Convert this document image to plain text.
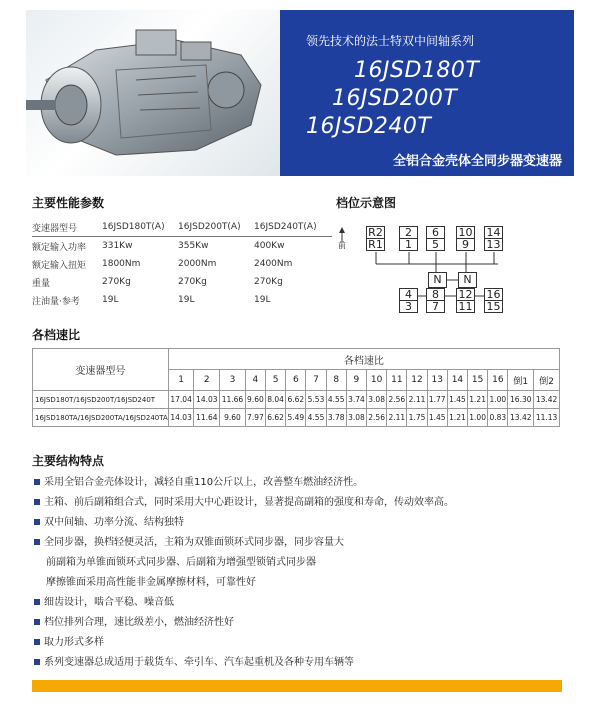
领先技术的法士特双中间轴系列
16JSD180T
16JSD200T
16JSD240T
全铝合金壳体全同步器变速器
主要性能参数
变速器型号	16JSD180T(A)	16JSD200T(A)	16JSD240T(A)
额定输入功率	331Kw	355Kw	400Kw
额定输入扭矩	1800Nm	2000Nm	2400Nm
重量	270Kg	270Kg	270Kg
注油量·参考	19L	19L	19L
档位示意图
前
R2
R1
2
1
6
5
10
9
14
13
N	N
4
3
8
7
12
11
16
15
各档速比
变速器型号	各档速比																	
	1	2	3	4	5	6	7	8	9	10	11	12	13	14	15	16	倒1	倒2
16JSD180T/16JSD200T/16JSD240T	17.04	14.03	11.66	9.60	8.04	6.62	5.53	4.55	3.74	3.08	2.56	2.11	1.77	1.45	1.21	1.00	16.30	13.42
16JSD180TA/16JSD200TA/16JSD240TA	14.03	11.64	9.60	7.97	6.62	5.49	4.55	3.78	3.08	2.56	2.11	1.75	1.45	1.21	1.00	0.83	13.42	11.13
主要结构特点
采用全铝合金壳体设计，减轻自重110公斤以上，改善整车燃油经济性。
主箱、前后副箱组合式，同时采用大中心距设计，显著提高副箱的强度和寿命，传动效率高。
双中间轴、功率分流、结构独特
全同步器，换档轻便灵活，主箱为双锥面锁环式同步器，同步容量大
前副箱为单锥面锁环式同步器、后副箱为增强型锁销式同步器
摩擦锥面采用高性能非金属摩擦材料，可靠性好
细齿设计，啮合平稳、噪音低
档位排列合理，速比级差小，燃油经济性好
取力形式多样
系列变速器总成适用于载货车、牵引车、汽车起重机及各种专用车辆等
